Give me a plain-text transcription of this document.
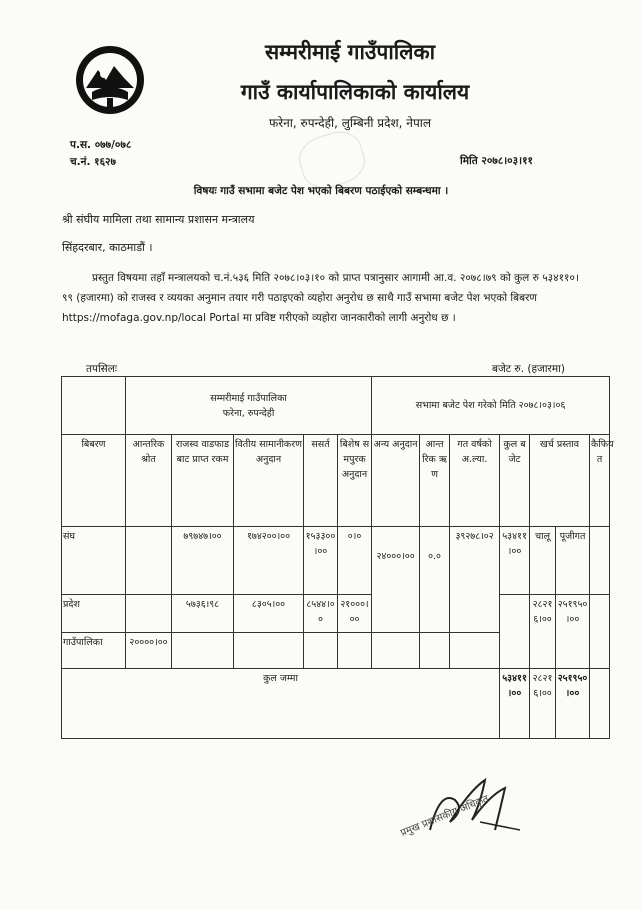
सम्मरीमाई गाउँपालिका
गाउँ कार्यापालिकाको कार्यालय
फरेना, रुपन्देही, लुम्बिनी प्रदेश, नेपाल
प.स. ०७७/०७८
च.नं. १६२७	मिति २०७८।०३।११
विषयः गाउँ सभामा बजेट पेश भएको बिबरण पठाईएको सम्बन्धमा ।
श्री संघीय मामिला तथा सामान्य प्रशासन मन्त्रालय
सिंहदरबार, काठमाडौं ।
प्रस्तुत विषयमा तहाँ मन्त्रालयको च.नं.५३६ मिति २०७८।०३।१० को प्राप्त पत्रानुसार आगामी आ.व. २०७८।७९ को कुल रु ५३४११०।९९ (हजारमा) को राजस्व र व्ययका अनुमान तयार गरी पठाइएको व्यहोरा अनुरोध छ साथै गाउँ सभामा बजेट पेश भएको बिबरण https://mofaga.gov.np/local Portal मा प्रविष्ट गरीएको व्यहोरा जानकारीको लागी अनुरोध छ ।
तपसिलः	बजेट रु. (हजारमा)

	सम्मरीमाई गाउँपालिका
फरेना, रुपन्देही					सभामा बजेट पेश गरेको मिति २०७८।०३।०६						
बिबरण	आन्तरिक श्रोत	राजस्व वाडफाडबाट प्राप्त रकम	वितीय सामानीकरण अनुदान	ससर्त	बिशेष समपुरक अनुदान	अन्य अनुदान	आन्तरिक ऋण	गत वर्षको अ.ल्या.	कुल बजेट	खर्च प्रस्ताव		कैफियत
संघ		७९७४७।००	१७४२००।००	१५३३००।००	०।०	२४०००।००	०.०	३९२७८।०२	५३४११।००	चालू	पूजीगत	
प्रदेश		५७३६।९८	८३०५।००	८५४४।००	२१०००।००					२८२१६।००	२५१९५०।००	
गाउँपालिका	२००००।००											
कुल जम्मा									५३४११।००	२८२१६।००	२५१९५०।००	
प्रमुख प्रशासकीय अधिकृत
